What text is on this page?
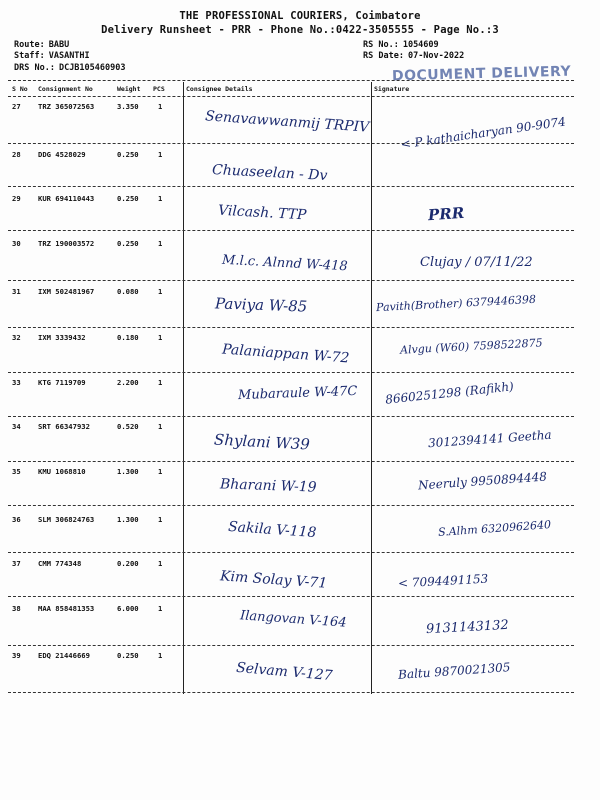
THE PROFESSIONAL COURIERS, Coimbatore
Delivery Runsheet - PRR - Phone No.:0422-3505555 - Page No.:3
Route: BABU
Staff: VASANTHI
DRS No.: DCJB105460903
RS No.: 1054609
RS Date: 07-Nov-2022
DOCUMENT DELIVERY
S No Consignment No	Weight PCS	Consignee Details	Signature
27 TRZ 365072563	3.350	1
Senavawwanmij TRPIV	< P kathaicharyan 90-9074
28 DDG 4528029	0.250	1
Chuaseelan - Dv
29 KUR 694110443	0.250	1
Vilcash. TTP	PRR
30 TRZ 190003572	0.250	1
M.l.c. Alnnd W-418	Clujay / 07/11/22
31 IXM 502481967	0.080	1
Paviya W-85	Pavith(Brother) 6379446398
32 IXM 3339432	0.180	1
Palaniappan W-72	Alvgu (W60) 7598522875
33 KTG 7119709	2.200	1
Mubaraule W-47C 8660251298 (Rafikh)
34 SRT 66347932	0.520	1
Shylani W39	3012394141 Geetha
35 KMU 1068810	1.300	1
Bharani W-19	Neeruly 9950894448
36 SLM 306824763	1.300	1	Sakila V-118	S.Alhm 6320962640
37 CMM 774348	0.200	1
Kim Solay V-71	< 7094491153
38 MAA 858481353	6.000	1	Ilangovan V-164	9131143132
39 EDQ 21446669	0.250	1
Selvam V-127	Baltu 9870021305
